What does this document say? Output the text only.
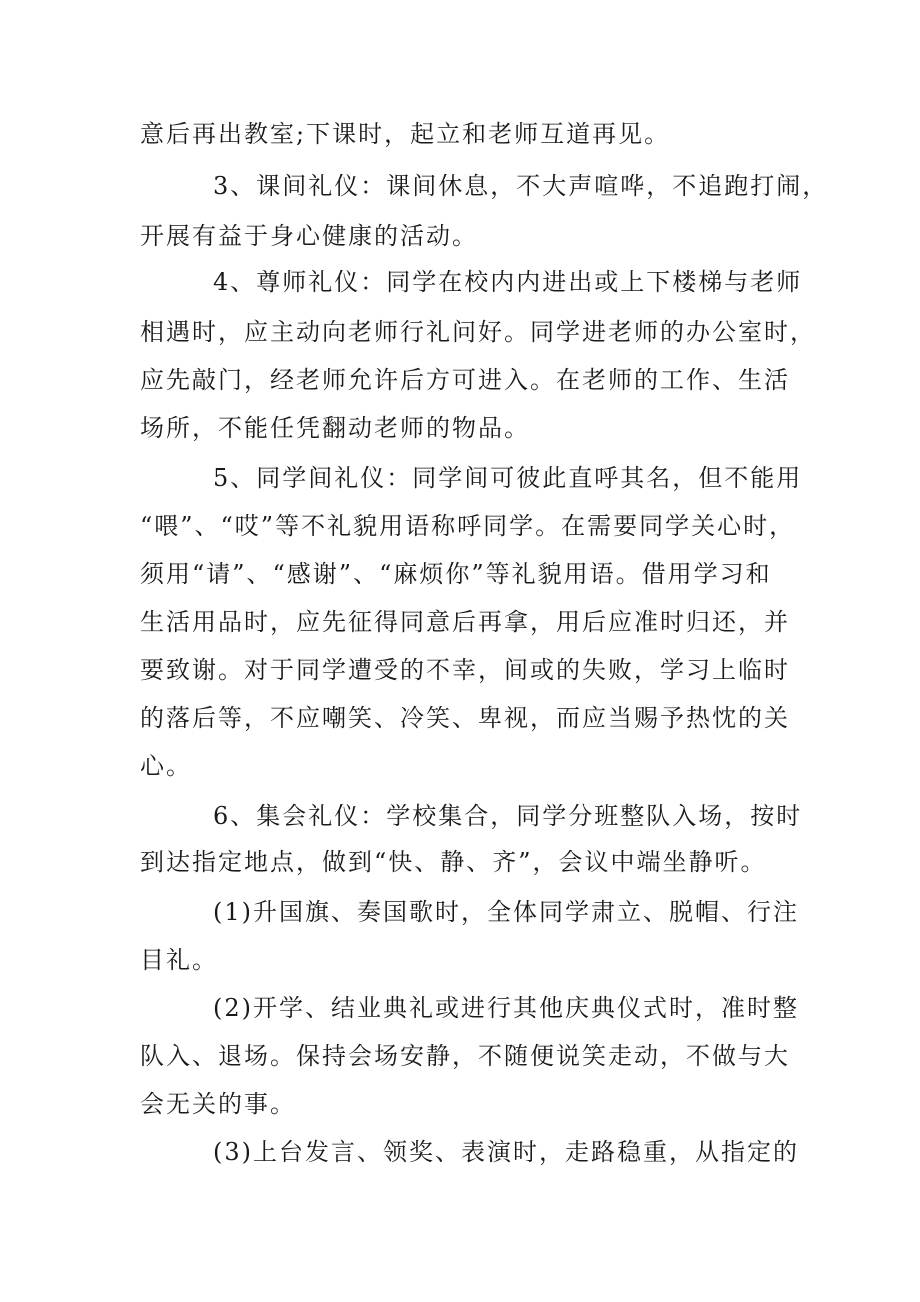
意后再出教室;下课时，起立和老师互道再见。
3、课间礼仪：课间休息，不大声喧哗，不追跑打闹，
开展有益于身心健康的活动。
4、尊师礼仪：同学在校内内进出或上下楼梯与老师
相遇时，应主动向老师行礼问好。同学进老师的办公室时，
应先敲门，经老师允许后方可进入。在老师的工作、生活
场所，不能任凭翻动老师的物品。
5、同学间礼仪：同学间可彼此直呼其名，但不能用
“喂”、“哎”等不礼貌用语称呼同学。在需要同学关心时，
须用“请”、“感谢”、“麻烦你”等礼貌用语。借用学习和
生活用品时，应先征得同意后再拿，用后应准时归还，并
要致谢。对于同学遭受的不幸，间或的失败，学习上临时
的落后等，不应嘲笑、冷笑、卑视，而应当赐予热忱的关
心。
6、集会礼仪：学校集合，同学分班整队入场，按时
到达指定地点，做到“快、静、齐”，会议中端坐静听。
(1)升国旗、奏国歌时，全体同学肃立、脱帽、行注
目礼。
(2)开学、结业典礼或进行其他庆典仪式时，准时整
队入、退场。保持会场安静，不随便说笑走动，不做与大
会无关的事。
(3)上台发言、领奖、表演时，走路稳重，从指定的
